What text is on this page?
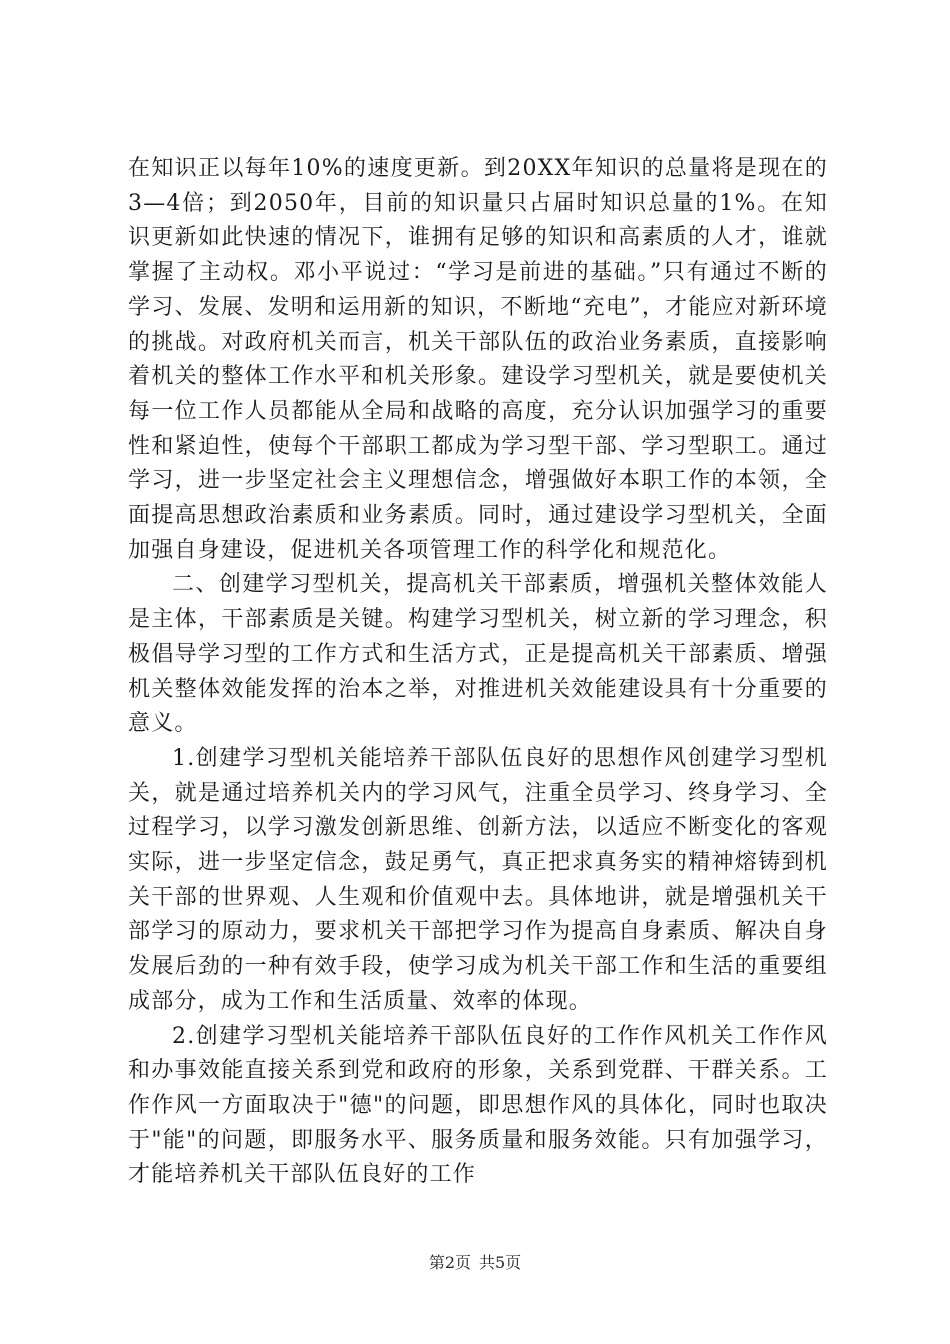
在知识正以每年10%的速度更新。到20XX年知识的总量将是现在的3—4倍；到2050年，目前的知识量只占届时知识总量的1%。在知识更新如此快速的情况下，谁拥有足够的知识和高素质的人才，谁就掌握了主动权。邓小平说过：“学习是前进的基础。”只有通过不断的学习、发展、发明和运用新的知识，不断地“充电”，才能应对新环境的挑战。对政府机关而言，机关干部队伍的政治业务素质，直接影响着机关的整体工作水平和机关形象。建设学习型机关，就是要使机关每一位工作人员都能从全局和战略的高度，充分认识加强学习的重要性和紧迫性，使每个干部职工都成为学习型干部、学习型职工。通过学习，进一步坚定社会主义理想信念，增强做好本职工作的本领，全面提高思想政治素质和业务素质。同时，通过建设学习型机关，全面加强自身建设，促进机关各项管理工作的科学化和规范化。

二、创建学习型机关，提高机关干部素质，增强机关整体效能人是主体，干部素质是关键。构建学习型机关，树立新的学习理念，积极倡导学习型的工作方式和生活方式，正是提高机关干部素质、增强机关整体效能发挥的治本之举，对推进机关效能建设具有十分重要的意义。

1.创建学习型机关能培养干部队伍良好的思想作风创建学习型机关，就是通过培养机关内的学习风气，注重全员学习、终身学习、全过程学习，以学习激发创新思维、创新方法，以适应不断变化的客观实际，进一步坚定信念，鼓足勇气，真正把求真务实的精神熔铸到机关干部的世界观、人生观和价值观中去。具体地讲，就是增强机关干部学习的原动力，要求机关干部把学习作为提高自身素质、解决自身发展后劲的一种有效手段，使学习成为机关干部工作和生活的重要组成部分，成为工作和生活质量、效率的体现。

2.创建学习型机关能培养干部队伍良好的工作作风机关工作作风和办事效能直接关系到党和政府的形象，关系到党群、干群关系。工作作风一方面取决于"德"的问题，即思想作风的具体化，同时也取决于"能"的问题，即服务水平、服务质量和服务效能。只有加强学习，才能培养机关干部队伍良好的工作

第2页 共5页
